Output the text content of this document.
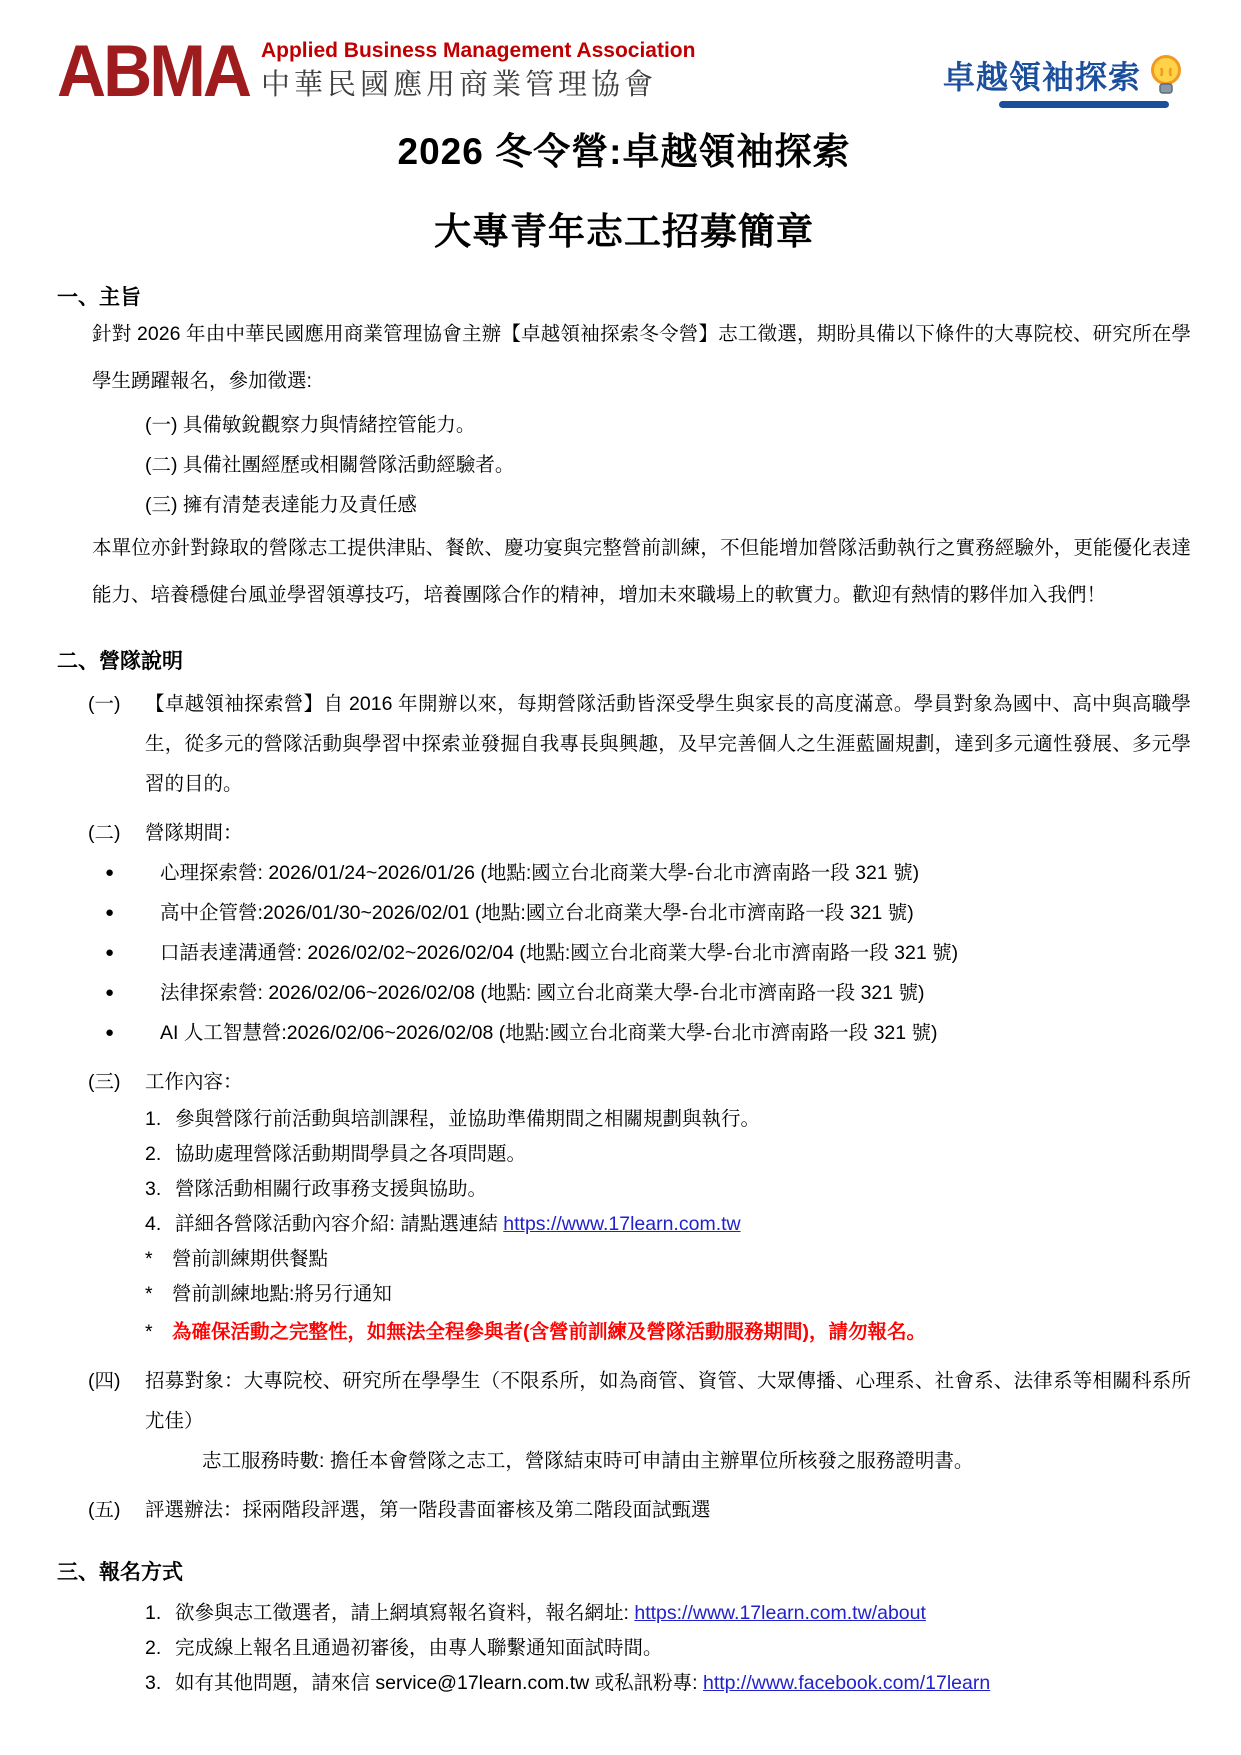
ABMA Applied Business Management Association
中華民國應用商業管理協會	卓越領袖探索
2026 冬令營:卓越領袖探索
大專青年志工招募簡章
一、主旨
針對 2026 年由中華民國應用商業管理協會主辦【卓越領袖探索冬令營】志工徵選，期盼具備以下條件的大專院校、研究所在學學生踴躍報名，參加徵選:
(一) 具備敏銳觀察力與情緒控管能力。
(二) 具備社團經歷或相關營隊活動經驗者。
(三) 擁有清楚表達能力及責任感
本單位亦針對錄取的營隊志工提供津貼、餐飲、慶功宴與完整營前訓練，不但能增加營隊活動執行之實務經驗外，更能優化表達能力、培養穩健台風並學習領導技巧，培養團隊合作的精神，增加未來職場上的軟實力。歡迎有熱情的夥伴加入我們！
二、營隊說明
(一)	【卓越領袖探索營】自 2016 年開辦以來，每期營隊活動皆深受學生與家長的高度滿意。學員對象為國中、高中與高職學生，從多元的營隊活動與學習中探索並發掘自我專長與興趣，及早完善個人之生涯藍圖規劃，達到多元適性發展、多元學習的目的。
(二)	營隊期間：
●	心理探索營: 2026/01/24~2026/01/26 (地點:國立台北商業大學-台北市濟南路一段 321 號)
●	高中企管營:2026/01/30~2026/02/01 (地點:國立台北商業大學-台北市濟南路一段 321 號)
●	口語表達溝通營: 2026/02/02~2026/02/04 (地點:國立台北商業大學-台北市濟南路一段 321 號)
●	法律探索營: 2026/02/06~2026/02/08 (地點: 國立台北商業大學-台北市濟南路一段 321 號)
●	AI 人工智慧營:2026/02/06~2026/02/08 (地點:國立台北商業大學-台北市濟南路一段 321 號)
(三)	工作內容：
1. 參與營隊行前活動與培訓課程，並協助準備期間之相關規劃與執行。
2. 協助處理營隊活動期間學員之各項問題。
3. 營隊活動相關行政事務支援與協助。
4. 詳細各營隊活動內容介紹: 請點選連結 https://www.17learn.com.tw
* 營前訓練期供餐點
* 營前訓練地點:將另行通知
* 為確保活動之完整性，如無法全程參與者(含營前訓練及營隊活動服務期間)，請勿報名。
(四)	招募對象：大專院校、研究所在學學生（不限系所，如為商管、資管、大眾傳播、心理系、社會系、法律系等相關科系所尤佳）
志工服務時數: 擔任本會營隊之志工，營隊結束時可申請由主辦單位所核發之服務證明書。
(五)	評選辦法：採兩階段評選，第一階段書面審核及第二階段面試甄選
三、報名方式
1. 欲參與志工徵選者，請上網填寫報名資料，報名網址: https://www.17learn.com.tw/about
2. 完成線上報名且通過初審後，由專人聯繫通知面試時間。
3. 如有其他問題，請來信 service@17learn.com.tw 或私訊粉專: http://www.facebook.com/17learn
